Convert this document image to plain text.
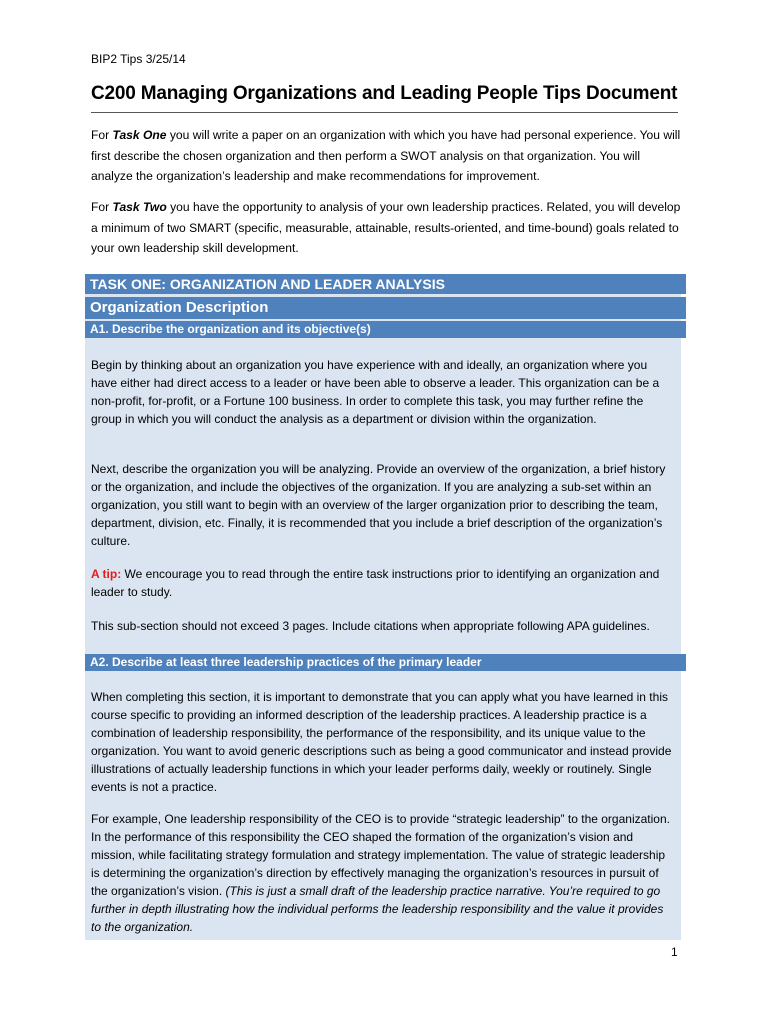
BIP2 Tips 3/25/14
C200 Managing Organizations and Leading People Tips Document
For Task One you will write a paper on an organization with which you have had personal experience. You will first describe the chosen organization and then perform a SWOT analysis on that organization. You will analyze the organization’s leadership and make recommendations for improvement.
For Task Two you have the opportunity to analysis of your own leadership practices. Related, you will develop a minimum of two SMART (specific, measurable, attainable, results-oriented, and time-bound) goals related to your own leadership skill development.
TASK ONE: ORGANIZATION AND LEADER ANALYSIS
Organization Description
A1. Describe the organization and its objective(s)
Begin by thinking about an organization you have experience with and ideally, an organization where you have either had direct access to a leader or have been able to observe a leader. This organization can be a non-profit, for-profit, or a Fortune 100 business. In order to complete this task, you may further refine the group in which you will conduct the analysis as a department or division within the organization.
Next, describe the organization you will be analyzing. Provide an overview of the organization, a brief history or the organization, and include the objectives of the organization. If you are analyzing a sub-set within an organization, you still want to begin with an overview of the larger organization prior to describing the team, department, division, etc. Finally, it is recommended that you include a brief description of the organization’s culture.
A tip: We encourage you to read through the entire task instructions prior to identifying an organization and leader to study.
This sub-section should not exceed 3 pages. Include citations when appropriate following APA guidelines.
A2. Describe at least three leadership practices of the primary leader
When completing this section, it is important to demonstrate that you can apply what you have learned in this course specific to providing an informed description of the leadership practices. A leadership practice is a combination of leadership responsibility, the performance of the responsibility, and its unique value to the organization. You want to avoid generic descriptions such as being a good communicator and instead provide illustrations of actually leadership functions in which your leader performs daily, weekly or routinely. Single events is not a practice.
For example, One leadership responsibility of the CEO is to provide “strategic leadership” to the organization. In the performance of this responsibility the CEO shaped the formation of the organization’s vision and mission, while facilitating strategy formulation and strategy implementation. The value of strategic leadership is determining the organization’s direction by effectively managing the organization’s resources in pursuit of the organization’s vision. (This is just a small draft of the leadership practice narrative. You’re required to go further in depth illustrating how the individual performs the leadership responsibility and the value it provides to the organization.
1
